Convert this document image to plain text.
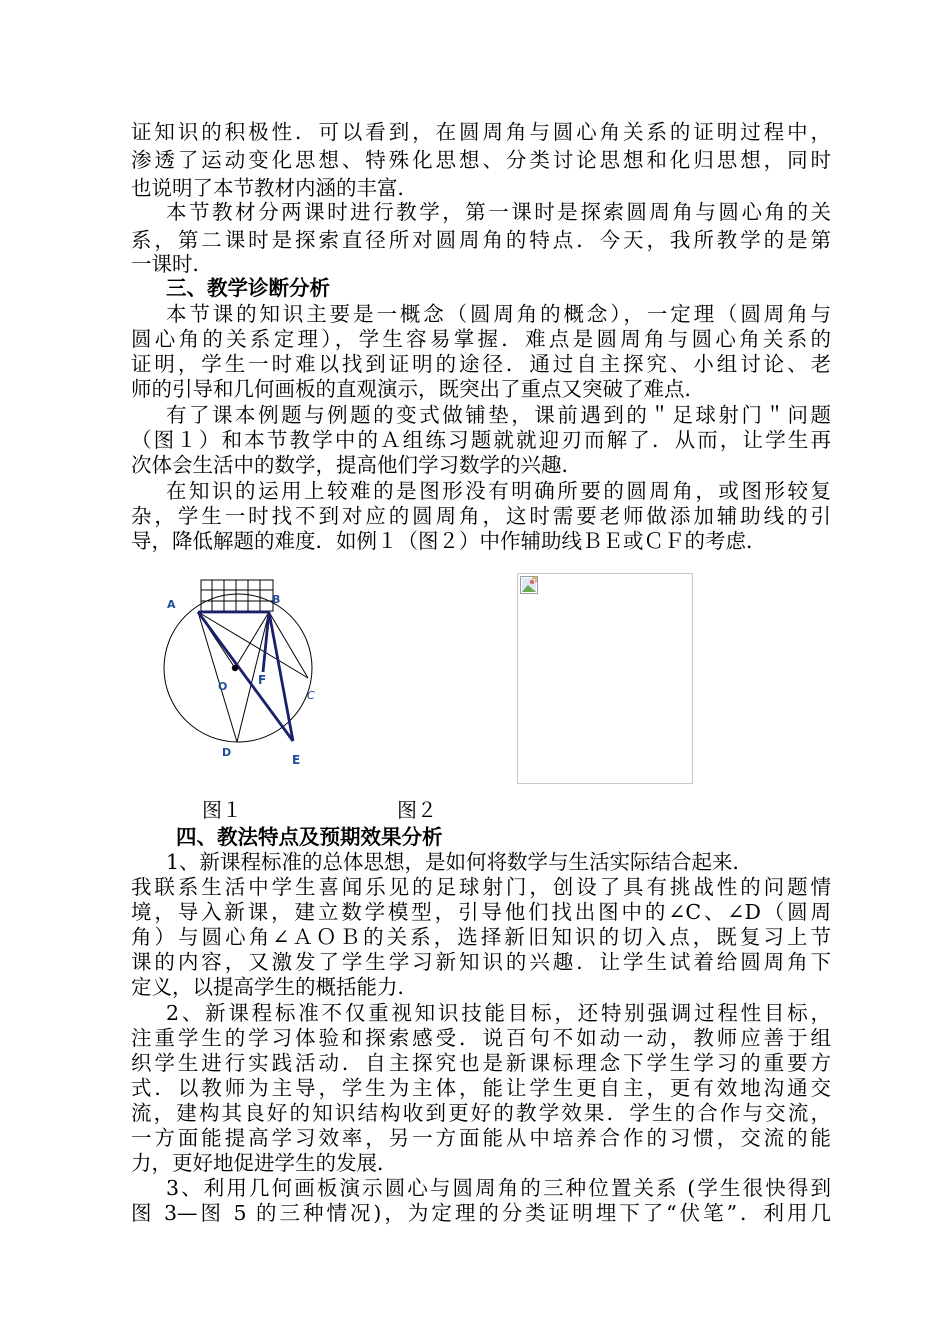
证知识的积极性．可以看到，在圆周角与圆心角关系的证明过程中，
渗透了运动变化思想、特殊化思想、分类讨论思想和化归思想，同时
也说明了本节教材内涵的丰富．
本节教材分两课时进行教学，第一课时是探索圆周角与圆心角的关
系，第二课时是探索直径所对圆周角的特点．今天，我所教学的是第
一课时．
三、教学诊断分析
本节课的知识主要是一概念（圆周角的概念），一定理（圆周角与
圆心角的关系定理），学生容易掌握．难点是圆周角与圆心角关系的
证明，学生一时难以找到证明的途径．通过自主探究、小组讨论、老
师的引导和几何画板的直观演示，既突出了重点又突破了难点．
有了课本例题与例题的变式做铺垫，课前遇到的＂足球射门＂问题
（图１）和本节教学中的Ａ组练习题就就迎刃而解了．从而，让学生再
次体会生活中的数学，提高他们学习数学的兴趣．
在知识的运用上较难的是图形没有明确所要的圆周角，或图形较复
杂，学生一时找不到对应的圆周角，这时需要老师做添加辅助线的引
导，降低解题的难度．如例１（图２）中作辅助线ＢＥ或ＣＦ的考虑．
A	B
C
D
E
F
O
图１	图２
四、教法特点及预期效果分析
1、新课程标准的总体思想，是如何将数学与生活实际结合起来．
我联系生活中学生喜闻乐见的足球射门，创设了具有挑战性的问题情
境，导入新课，建立数学模型，引导他们找出图中的∠C、∠D（圆周
角）与圆心角∠ＡＯＢ的关系，选择新旧知识的切入点，既复习上节
课的内容，又激发了学生学习新知识的兴趣．让学生试着给圆周角下
定义，以提高学生的概括能力．
2、新课程标准不仅重视知识技能目标，还特别强调过程性目标，
注重学生的学习体验和探索感受．说百句不如动一动，教师应善于组
织学生进行实践活动．自主探究也是新课标理念下学生学习的重要方
式．以教师为主导，学生为主体，能让学生更自主，更有效地沟通交
流，建构其良好的知识结构收到更好的教学效果．学生的合作与交流，
一方面能提高学习效率，另一方面能从中培养合作的习惯，交流的能
力，更好地促进学生的发展．
3、利用几何画板演示圆心与圆周角的三种位置关系 (学生很快得到
图 3—图 5 的三种情况)，为定理的分类证明埋下了“伏笔”．利用几
